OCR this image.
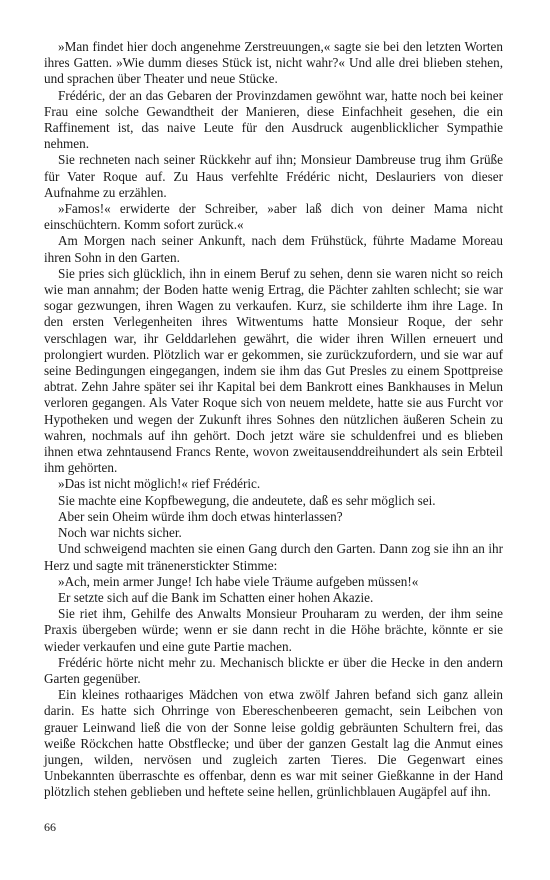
»Man findet hier doch angenehme Zerstreuungen,« sagte sie bei den letzten Worten ihres Gatten. »Wie dumm dieses Stück ist, nicht wahr?« Und alle drei blieben stehen, und sprachen über Theater und neue Stücke.

Frédéric, der an das Gebaren der Provinzdamen gewöhnt war, hatte noch bei keiner Frau eine solche Gewandtheit der Manieren, diese Einfachheit gesehen, die ein Raffinement ist, das naive Leute für den Ausdruck augenblicklicher Sympathie nehmen.

Sie rechneten nach seiner Rückkehr auf ihn; Monsieur Dambreuse trug ihm Grüße für Vater Roque auf. Zu Haus verfehlte Frédéric nicht, Deslauriers von dieser Aufnahme zu erzählen.

»Famos!« erwiderte der Schreiber, »aber laß dich von deiner Mama nicht einschüchtern. Komm sofort zurück.«

Am Morgen nach seiner Ankunft, nach dem Frühstück, führte Madame Moreau ihren Sohn in den Garten.

Sie pries sich glücklich, ihn in einem Beruf zu sehen, denn sie waren nicht so reich wie man annahm; der Boden hatte wenig Ertrag, die Pächter zahlten schlecht; sie war sogar gezwungen, ihren Wagen zu verkaufen. Kurz, sie schilderte ihm ihre Lage. In den ersten Verlegenheiten ihres Witwentums hatte Monsieur Roque, der sehr verschlagen war, ihr Gelddarlehen gewährt, die wider ihren Willen erneuert und prolongiert wurden. Plötzlich war er gekommen, sie zurückzufordern, und sie war auf seine Bedingungen eingegangen, indem sie ihm das Gut Presles zu einem Spottpreise abtrat. Zehn Jahre später sei ihr Kapital bei dem Bankrott eines Bankhauses in Melun verloren gegangen. Als Vater Roque sich von neuem meldete, hatte sie aus Furcht vor Hypotheken und wegen der Zukunft ihres Sohnes den nützlichen äußeren Schein zu wahren, nochmals auf ihn gehört. Doch jetzt wäre sie schuldenfrei und es blieben ihnen etwa zehntausend Francs Rente, wovon zweitausenddreihundert als sein Erbteil ihm gehörten.

»Das ist nicht möglich!« rief Frédéric.

Sie machte eine Kopfbewegung, die andeutete, daß es sehr möglich sei.

Aber sein Oheim würde ihm doch etwas hinterlassen?

Noch war nichts sicher.

Und schweigend machten sie einen Gang durch den Garten. Dann zog sie ihn an ihr Herz und sagte mit tränenerstickter Stimme:

»Ach, mein armer Junge! Ich habe viele Träume aufgeben müssen!«

Er setzte sich auf die Bank im Schatten einer hohen Akazie.

Sie riet ihm, Gehilfe des Anwalts Monsieur Prouharam zu werden, der ihm seine Praxis übergeben würde; wenn er sie dann recht in die Höhe brächte, könnte er sie wieder verkaufen und eine gute Partie machen.

Frédéric hörte nicht mehr zu. Mechanisch blickte er über die Hecke in den andern Garten gegenüber.

Ein kleines rothaariges Mädchen von etwa zwölf Jahren befand sich ganz allein darin. Es hatte sich Ohrringe von Ebereschenbeeren gemacht, sein Leibchen von grauer Leinwand ließ die von der Sonne leise goldig gebräunten Schultern frei, das weiße Röckchen hatte Obstflecke; und über der ganzen Gestalt lag die Anmut eines jungen, wilden, nervösen und zugleich zarten Tieres. Die Gegenwart eines Unbekannten überraschte es offenbar, denn es war mit seiner Gießkanne in der Hand plötzlich stehen geblieben und heftete seine hellen, grünlichblauen Augäpfel auf ihn.

66
